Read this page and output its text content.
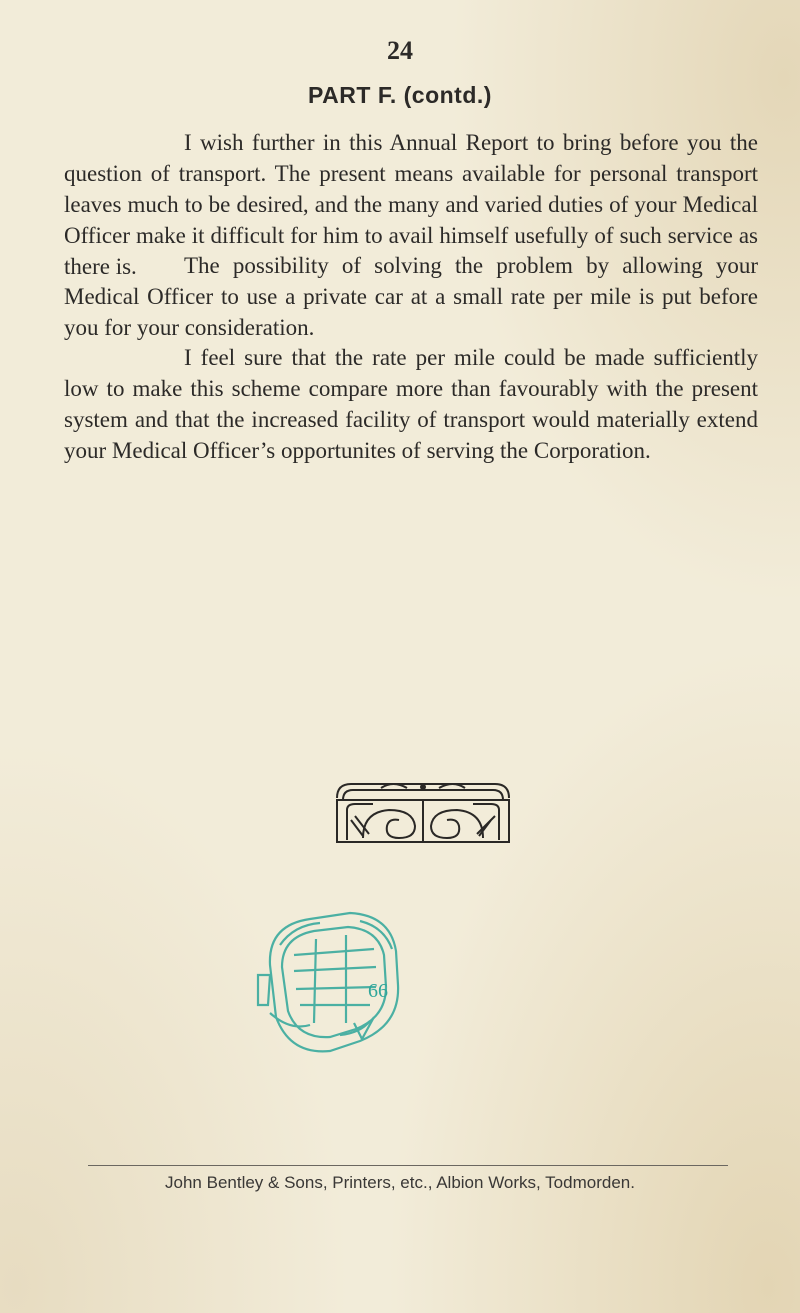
24
PART F. (contd.)

I wish further in this Annual Report to bring before you the question of transport. The present means available for personal transport leaves much to be desired, and the many and varied duties of your Medical Officer make it difficult for him to avail himself usefully of such service as there is.	The possibility of solving the problem by allowing your Medical Officer to use a private car at a small rate per mile is put before you for your consideration.

I feel sure that the rate per mile could be made sufficiently low to make this scheme compare more than favourably with the present system and that the increased facility of transport would materially extend your Medical Officer’s opportunites of serving the Corporation.

66
John Bentley & Sons, Printers, etc., Albion Works, Todmorden.
